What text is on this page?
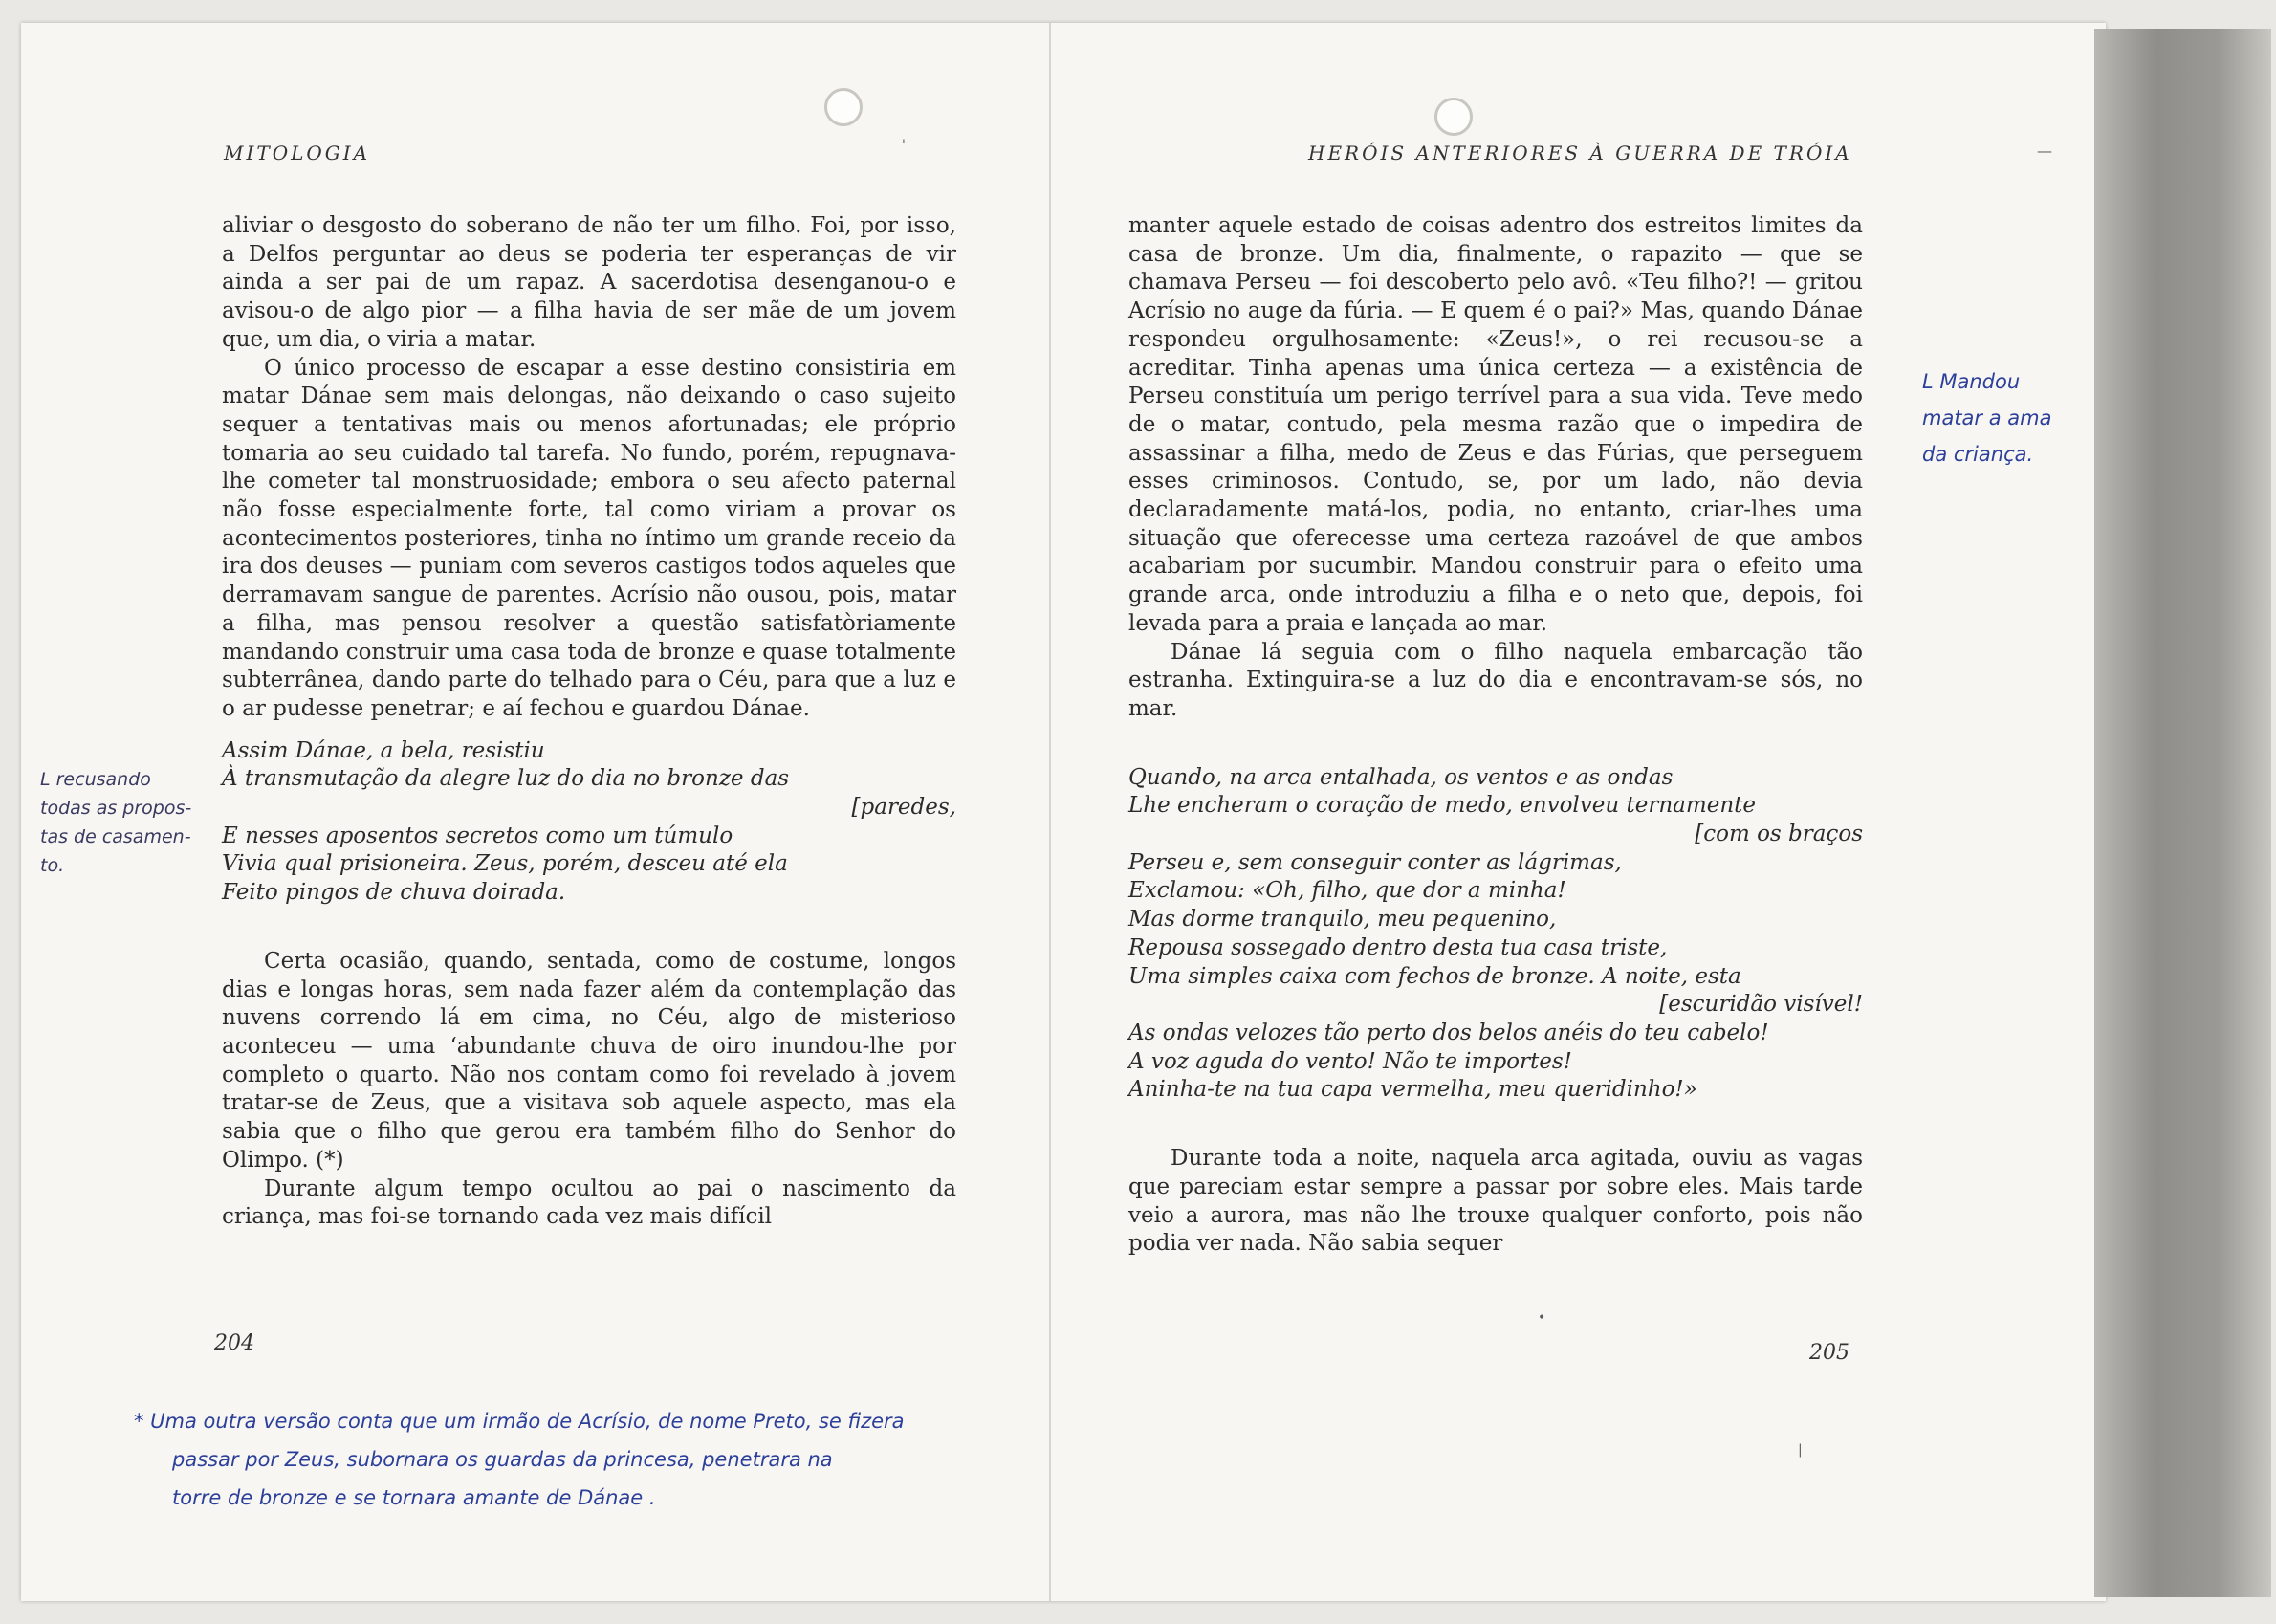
MITOLOGIA	HERÓIS ANTERIORES À GUERRA DE TRÓIA

aliviar o desgosto do soberano de não ter um filho. Foi, por isso, a Delfos perguntar ao deus se poderia ter esperanças de vir ainda a ser pai de um rapaz. A sacerdotisa desenganou-o e avisou-o de algo pior — a filha havia de ser mãe de um jovem que, um dia, o viria a matar.

O único processo de escapar a esse destino consistiria em matar Dánae sem mais delongas, não deixando o caso sujeito sequer a tentativas mais ou menos afortunadas; ele próprio tomaria ao seu cuidado tal tarefa. No fundo, porém, repugnava-lhe cometer tal monstruosidade; embora o seu afecto paternal não fosse especialmente forte, tal como viriam a provar os acontecimentos posteriores, tinha no íntimo um grande receio da ira dos deuses — puniam com severos castigos todos aqueles que derramavam sangue de parentes. Acrísio não ousou, pois, matar a filha, mas pensou resolver a questão satisfatòriamente mandando construir uma casa toda de bronze e quase totalmente subterrânea, dando parte do telhado para o Céu, para que a luz e o ar pudesse penetrar; e aí fechou e guardou Dánae.

Assim Dánae, a bela, resistiu
À transmutação da alegre luz do dia no bronze das
[paredes,
E nesses aposentos secretos como um túmulo
Vivia qual prisioneira. Zeus, porém, desceu até ela
Feito pingos de chuva doirada.

Certa ocasião, quando, sentada, como de costume, longos dias e longas horas, sem nada fazer além da contemplação das nuvens correndo lá em cima, no Céu, algo de misterioso aconteceu — uma ‘abundante chuva de oiro inundou-lhe por completo o quarto. Não nos contam como foi revelado à jovem tratar-se de Zeus, que a visitava sob aquele aspecto, mas ela sabia que o filho que gerou era também filho do Senhor do Olimpo. (*)

Durante algum tempo ocultou ao pai o nascimento da criança, mas foi-se tornando cada vez mais difícil

204

manter aquele estado de coisas adentro dos estreitos limites da casa de bronze. Um dia, finalmente, o rapazito — que se chamava Perseu — foi descoberto pelo avô. «Teu filho?! — gritou Acrísio no auge da fúria. — E quem é o pai?» Mas, quando Dánae respondeu orgulhosamente: «Zeus!», o rei recusou-se a acreditar. Tinha apenas uma única certeza — a existência de Perseu constituía um perigo terrível para a sua vida. Teve medo de o matar, contudo, pela mesma razão que o impedira de assassinar a filha, medo de Zeus e das Fúrias, que perseguem esses criminosos. Contudo, se, por um lado, não devia declaradamente matá-los, podia, no entanto, criar-lhes uma situação que oferecesse uma certeza razoável de que ambos acabariam por sucumbir. Mandou construir para o efeito uma grande arca, onde introduziu a filha e o neto que, depois, foi levada para a praia e lançada ao mar.

Dánae lá seguia com o filho naquela embarcação tão estranha. Extinguira-se a luz do dia e encontravam-se sós, no mar.

Quando, na arca entalhada, os ventos e as ondas
Lhe encheram o coração de medo, envolveu ternamente
[com os braços
Perseu e, sem conseguir conter as lágrimas,
Exclamou: «Oh, filho, que dor a minha!
Mas dorme tranquilo, meu pequenino,
Repousa sossegado dentro desta tua casa triste,
Uma simples caixa com fechos de bronze. A noite, esta
[escuridão visível!
As ondas velozes tão perto dos belos anéis do teu cabelo!
A voz aguda do vento! Não te importes!
Aninha-te na tua capa vermelha, meu queridinho!»

Durante toda a noite, naquela arca agitada, ouviu as vagas que pareciam estar sempre a passar por sobre eles. Mais tarde veio a aurora, mas não lhe trouxe qualquer conforto, pois não podia ver nada. Não sabia sequer

205
L recusando
todas as propos-
tas de casamen-
to.
L Mandou
matar a ama
da criança.
* Uma outra versão conta que um irmão de Acrísio, de nome Preto, se fizera
passar por Zeus, subornara os guardas da princesa, penetrara na
torre de bronze e se tornara amante de Dánae .
'	—
|
•
